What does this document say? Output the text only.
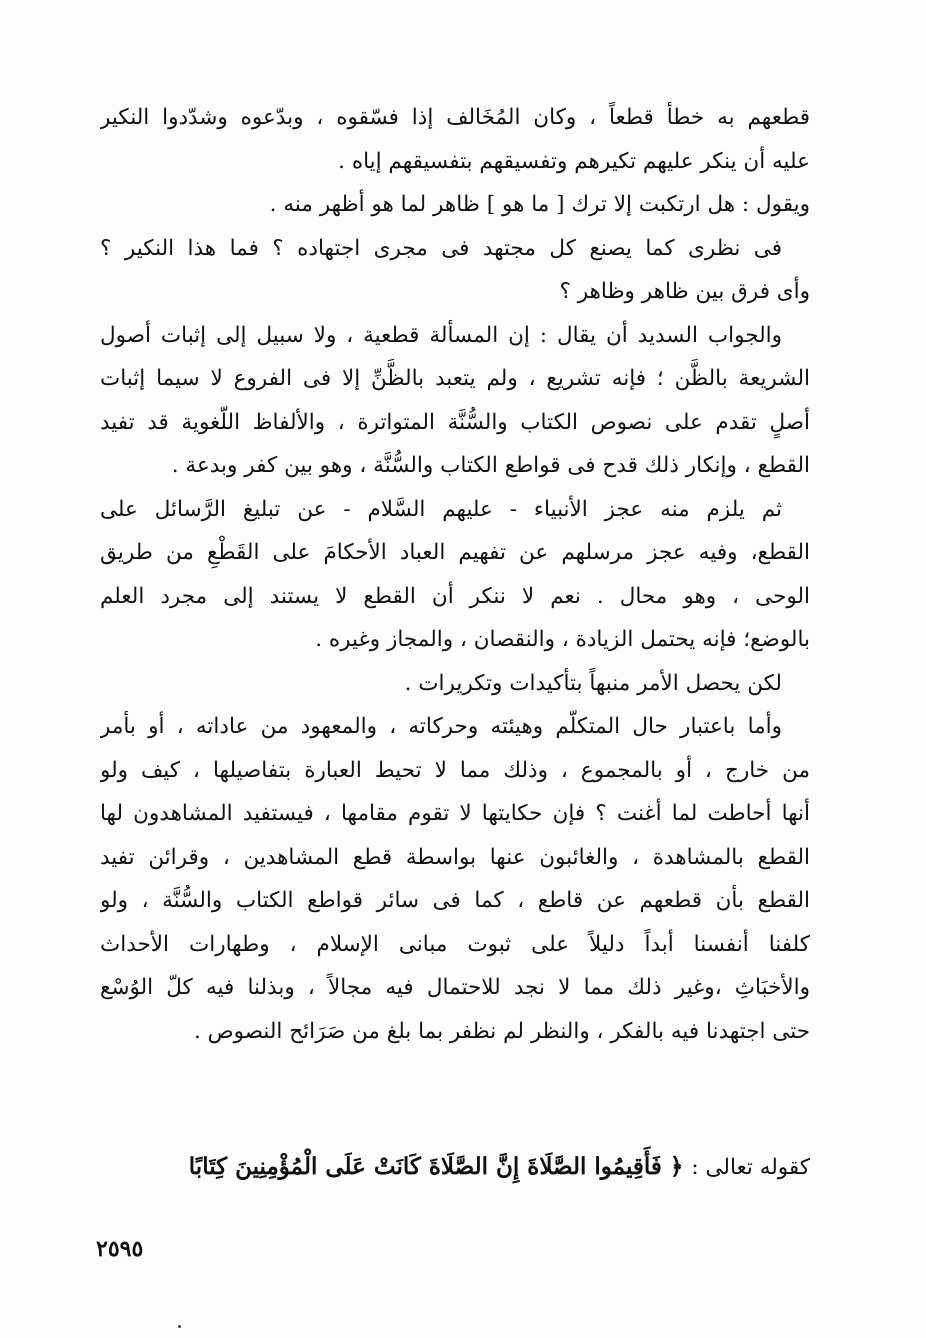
قطعهم به خطأ قطعاً ، وكان المُخَالف إذا فسّقوه ، وبدّعوه وشدّدوا النكير
عليه أن ينكر عليهم تكيرهم وتفسيقهم بتفسيقهم إياه .
ويقول : هل ارتكبت إلا ترك [ ما هو ] ظاهر لما هو أظهر منه .
فى نظرى كما يصنع كل مجتهد فى مجرى اجتهاده ؟ فما هذا النكير ؟
وأى فرق بين ظاهر وظاهر ؟
والجواب السديد أن يقال : إن المسألة قطعية ، ولا سبيل إلى إثبات أصول
الشريعة بالظَّن ؛ فإنه تشريع ، ولم يتعبد بالظَّنِّ إلا فى الفروع لا سيما إثبات
أصلٍ تقدم على نصوص الكتاب والسُّنَّة المتواترة ، والألفاظ اللّغوية قد تفيد
القطع ، وإنكار ذلك قدح فى قواطع الكتاب والسُّنَّة ، وهو بين كفر وبدعة .
ثم يلزم منه عجز الأنبياء - عليهم السَّلام - عن تبليغ الرَّسائل على
القطع، وفيه عجز مرسلهم عن تفهيم العباد الأحكامَ على القَطْعِ من طريق
الوحى ، وهو محال . نعم لا ننكر أن القطع لا يستند إلى مجرد العلم
بالوضع؛ فإنه يحتمل الزيادة ، والنقصان ، والمجاز وغيره .
لكن يحصل الأمر منبهاً بتأكيدات وتكريرات .
وأما باعتبار حال المتكلّم وهيئته وحركاته ، والمعهود من عاداته ، أو بأمر
من خارج ، أو بالمجموع ، وذلك مما لا تحيط العبارة بتفاصيلها ، كيف ولو
أنها أحاطت لما أغنت ؟ فإن حكايتها لا تقوم مقامها ، فيستفيد المشاهدون لها
القطع بالمشاهدة ، والغائبون عنها بواسطة قطع المشاهدين ، وقرائن تفيد
القطع بأن قطعهم عن قاطع ، كما فى سائر قواطع الكتاب والسُّنَّة ، ولو
كلفنا أنفسنا أبداً دليلاً على ثبوت مبانى الإسلام ، وطهارات الأحداث
والأخبَاثِ ،وغير ذلك مما لا نجد للاحتمال فيه مجالاً ، وبذلنا فيه كلّ الوُسْع
حتى اجتهدنا فيه بالفكر ، والنظر لم نظفر بما بلغ من صَرَائح النصوص .
كقوله تعالى : ﴿ فَأَقِيمُوا الصَّلَاةَ إِنَّ الصَّلَاةَ كَانَتْ عَلَى الْمُؤْمِنِينَ كِتَابًا
٢٥٩٥
